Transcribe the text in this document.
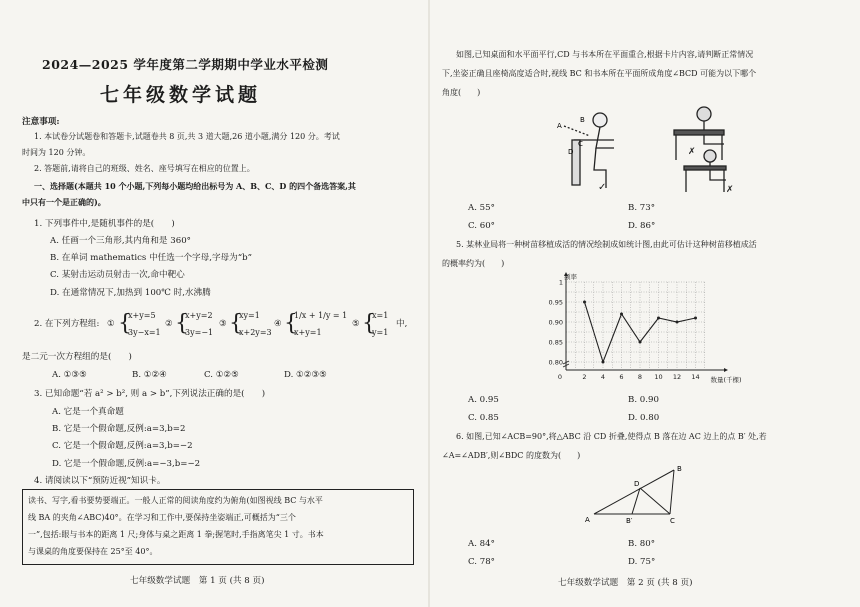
2024—2025 学年度第二学期期中学业水平检测
七年级数学试题
注意事项:
1. 本试卷分试题卷和答题卡,试题卷共 8 页,共 3 道大题,26 道小题,满分 120 分。考试
时间为 120 分钟。
2. 答题前,请将自己的班级、姓名、座号填写在相应的位置上。
一、选择题(本题共 10 个小题,下列每小题均给出标号为 A、B、C、D 的四个备选答案,其
中只有一个是正确的)。
1. 下列事件中,是随机事件的是(　　)
A. 任画一个三角形,其内角和是 360°
B. 在单词 mathematics 中任选一个字母,字母为“b”
C. 某射击运动员射击一次,命中靶心
D. 在通常情况下,加热到 100℃ 时,水沸腾
2. 在下列方程组: ① {
x+y=5
3y−x=1
② {
x+y=2
3y=−1
③ {
xy=1
x+2y=3
④ {
1/x + 1/y = 1
x+y=1
⑤ {
x=1
y=1
中,
是二元一次方程组的是(　　)
A. ①③⑤	B. ①②④	C. ①②⑤	D. ①②③⑤
3. 已知命题“若 a² > b², 则 a > b”,下列说法正确的是(　　)
A. 它是一个真命题
B. 它是一个假命题,反例:a=3,b=2
C. 它是一个假命题,反例:a=3,b=−2
D. 它是一个假命题,反例:a=−3,b=−2
4. 请阅读以下“预防近视”知识卡。
读书、写字,看书要势要端正。一般人正常的阅读角度约为俯角(如图视线 BC 与水平
线 BA 的夹角∠ABC)40°。在学习和工作中,要保持坐姿端正,可概括为“三个
一”,包括:眼与书本的距离 1 尺;身体与桌之距离 1 拳;握笔时,手指离笔尖 1 寸。书本
与课桌的角度要保持在 25°至 40°。
七年级数学试题　第 1 页 (共 8 页)
如图,已知桌面和水平面平行,CD 与书本所在平面重合,根据卡片内容,请判断正常情况
下,坐姿正确且座椅高度适合时,视线 BC 和书本所在平面所成角度∠BCD 可能为以下哪个
角度(　　)
A
B
C
D
✓
✗
✗
A. 55°	B. 73°
C. 60°	D. 86°
5. 某林业局将一种树苗移植成活的情况绘制成如统计图,由此可估计这种树苗移植成活
的概率约为(　　)
0.80
0.85
0.90
0.95
1
2 4 6 8 10 12 14
0
频率
数量(千棵)
A. 0.95	B. 0.90
C. 0.85	D. 0.80
6. 如图,已知∠ACB=90°,将△ABC 沿 CD 折叠,使得点 B 落在边 AC 边上的点 B′ 处,若
∠A=∠ADB′,则∠BDC 的度数为(　　)
A
B
C
D
B′
A. 84°	B. 80°
C. 78°	D. 75°
七年级数学试题　第 2 页 (共 8 页)
